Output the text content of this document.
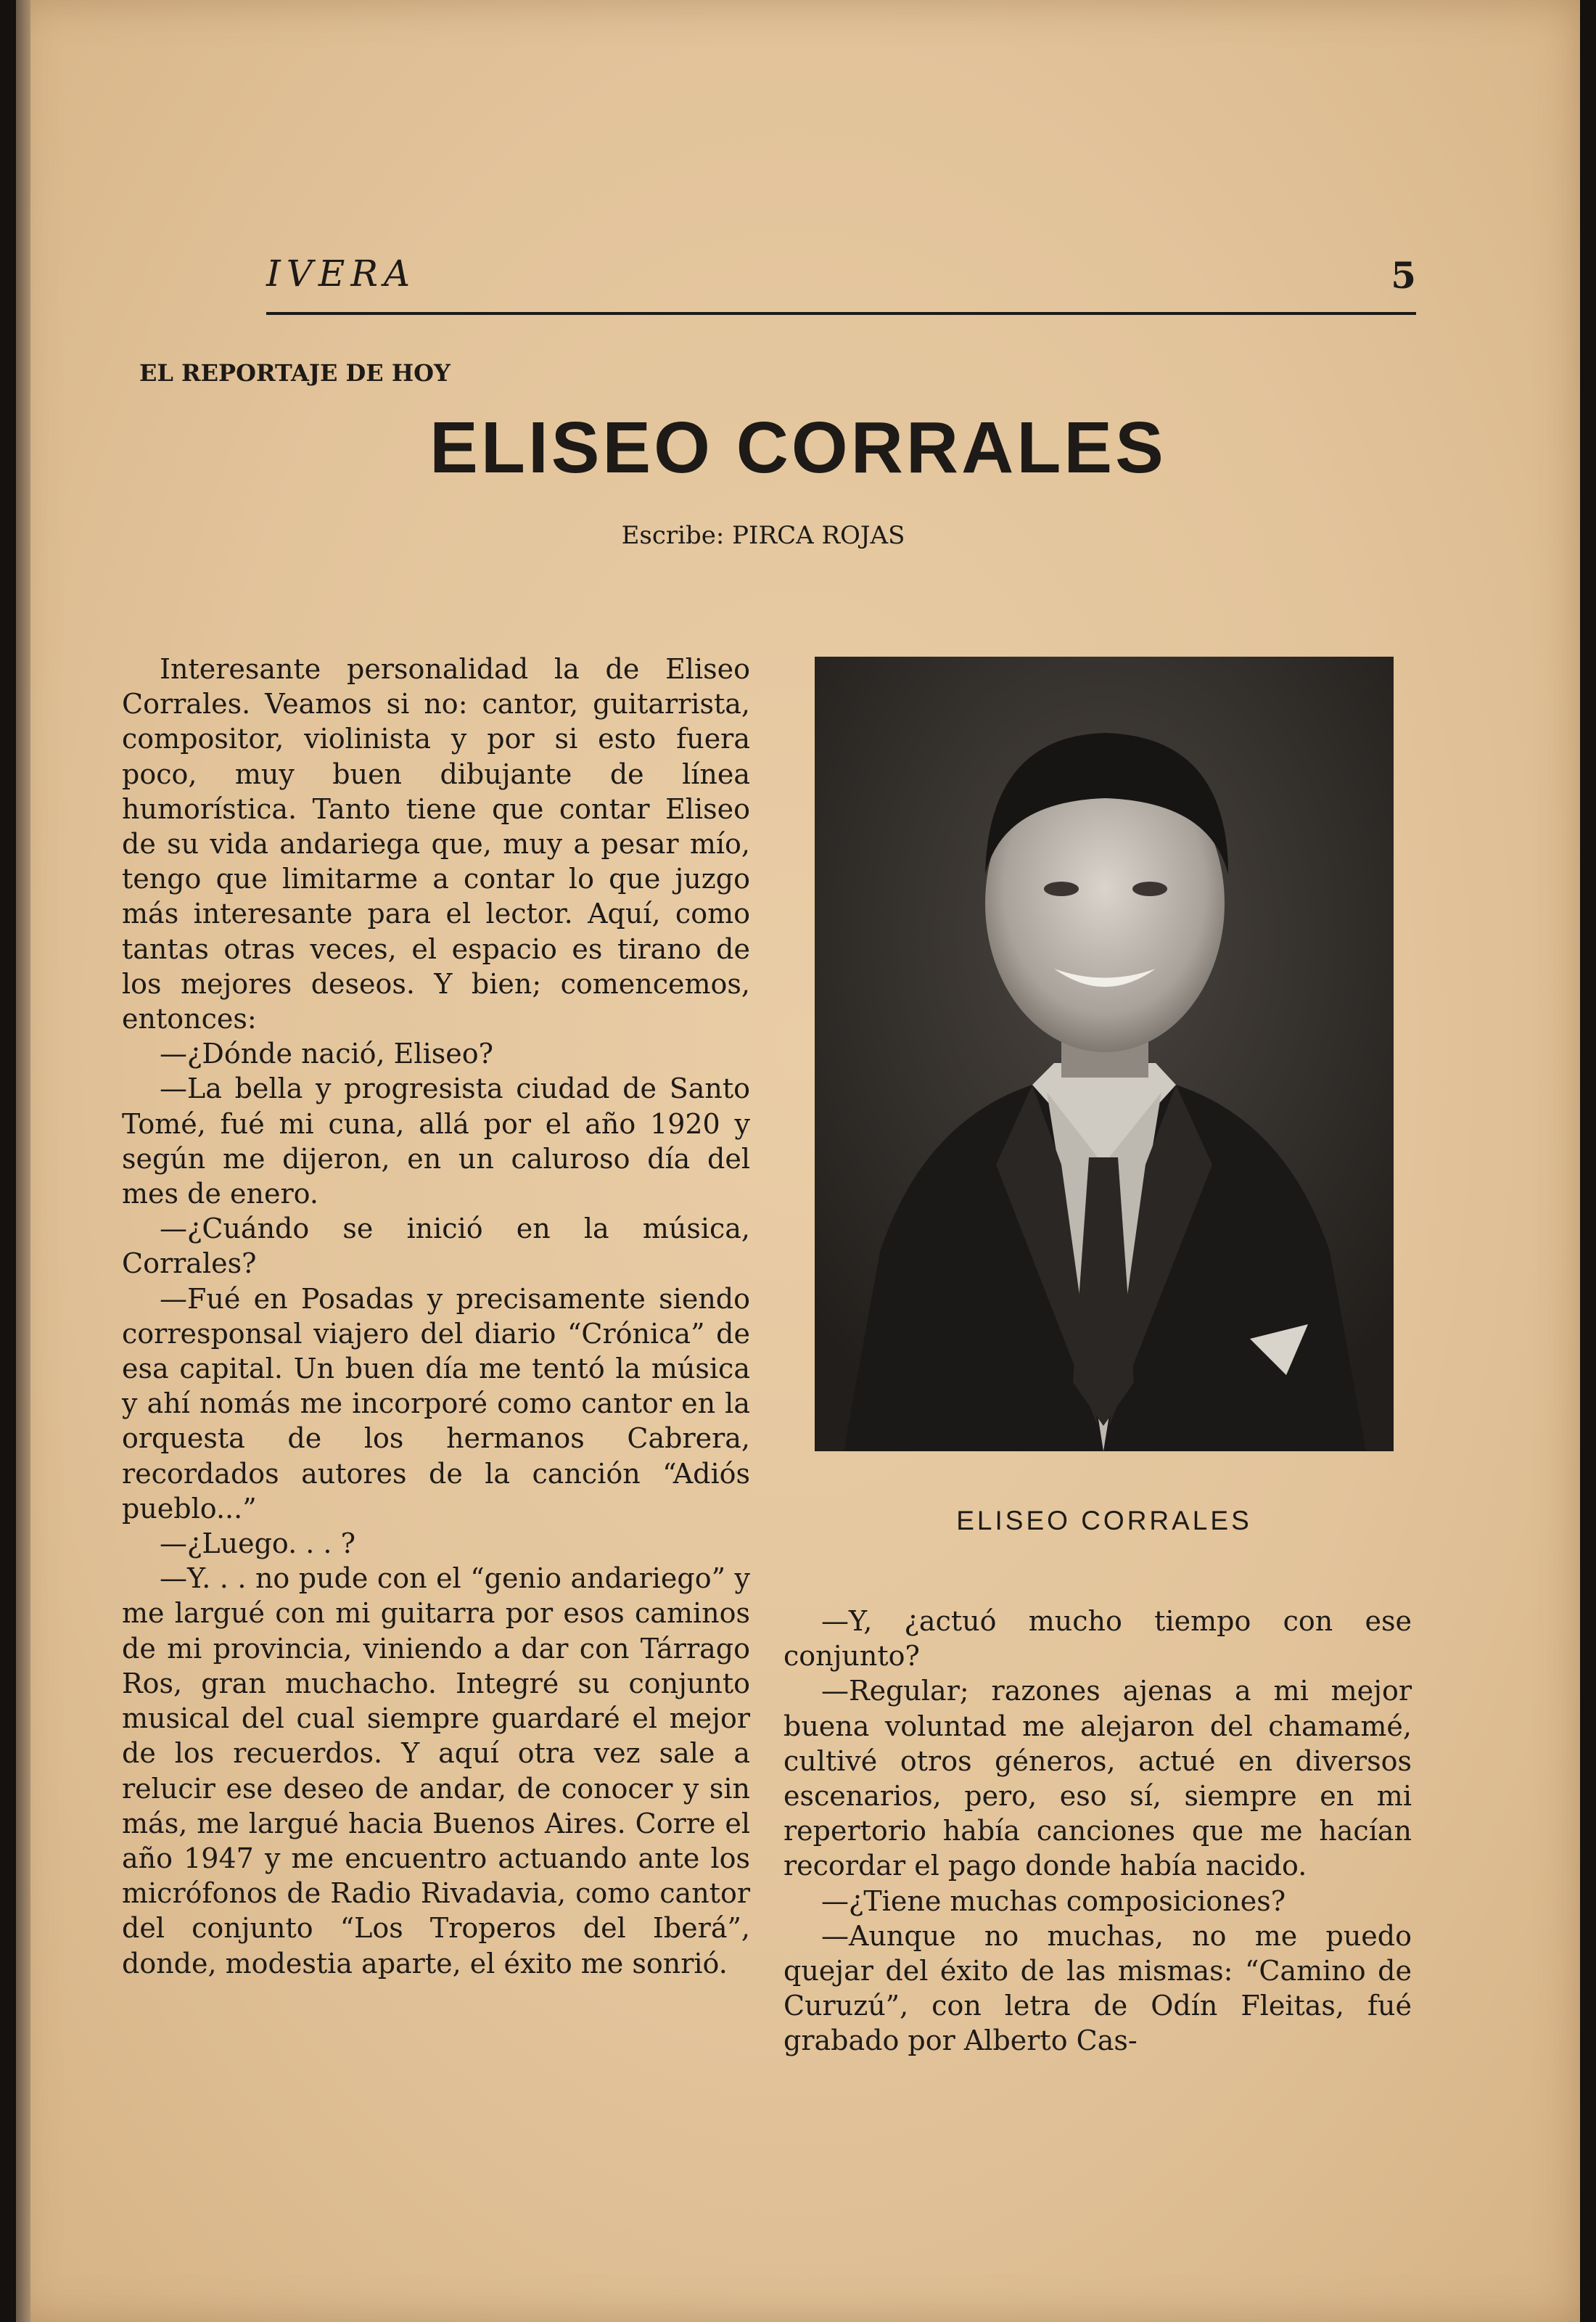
IVERA	5
EL REPORTAJE DE HOY
ELISEO CORRALES
Escribe: PIRCA ROJAS

Interesante personalidad la de Eliseo Corrales. Veamos si no: cantor, guitarrista, compositor, violinista y por si esto fuera poco, muy buen dibujante de línea humorística. Tanto tiene que contar Eliseo de su vida andariega que, muy a pesar mío, tengo que limitarme a contar lo que juzgo más interesante para el lector. Aquí, como tantas otras veces, el espacio es tirano de los mejores deseos. Y bien; comencemos, entonces:

—¿Dónde nació, Eliseo?

—La bella y progresista ciudad de Santo Tomé, fué mi cuna, allá por el año 1920 y según me dijeron, en un caluroso día del mes de enero.

—¿Cuándo se inició en la música, Corrales?

—Fué en Posadas y precisamente siendo corresponsal viajero del diario “Crónica” de esa capital. Un buen día me tentó la música y ahí nomás me incorporé como cantor en la orquesta de los hermanos Cabrera, recordados autores de la canción “Adiós pueblo...”

—¿Luego. . . ?

—Y. . . no pude con el “genio andariego” y me largué con mi guitarra por esos caminos de mi provincia, viniendo a dar con Tárrago Ros, gran muchacho. Integré su conjunto musical del cual siempre guardaré el mejor de los recuerdos. Y aquí otra vez sale a relucir ese deseo de andar, de conocer y sin más, me largué hacia Buenos Aires. Corre el año 1947 y me encuentro actuando ante los micrófonos de Radio Rivadavia, como cantor del conjunto “Los Troperos del Iberá”, donde, modestia aparte, el éxito me sonrió.

ELISEO CORRALES

—Y, ¿actuó mucho tiempo con ese conjunto?

—Regular; razones ajenas a mi mejor buena voluntad me alejaron del chamamé, cultivé otros géneros, actué en diversos escenarios, pero, eso sí, siempre en mi repertorio había canciones que me hacían recordar el pago donde había nacido.

—¿Tiene muchas composiciones?

—Aunque no muchas, no me puedo quejar del éxito de las mismas: “Camino de Curuzú”, con letra de Odín Fleitas, fué grabado por Alberto Cas-
